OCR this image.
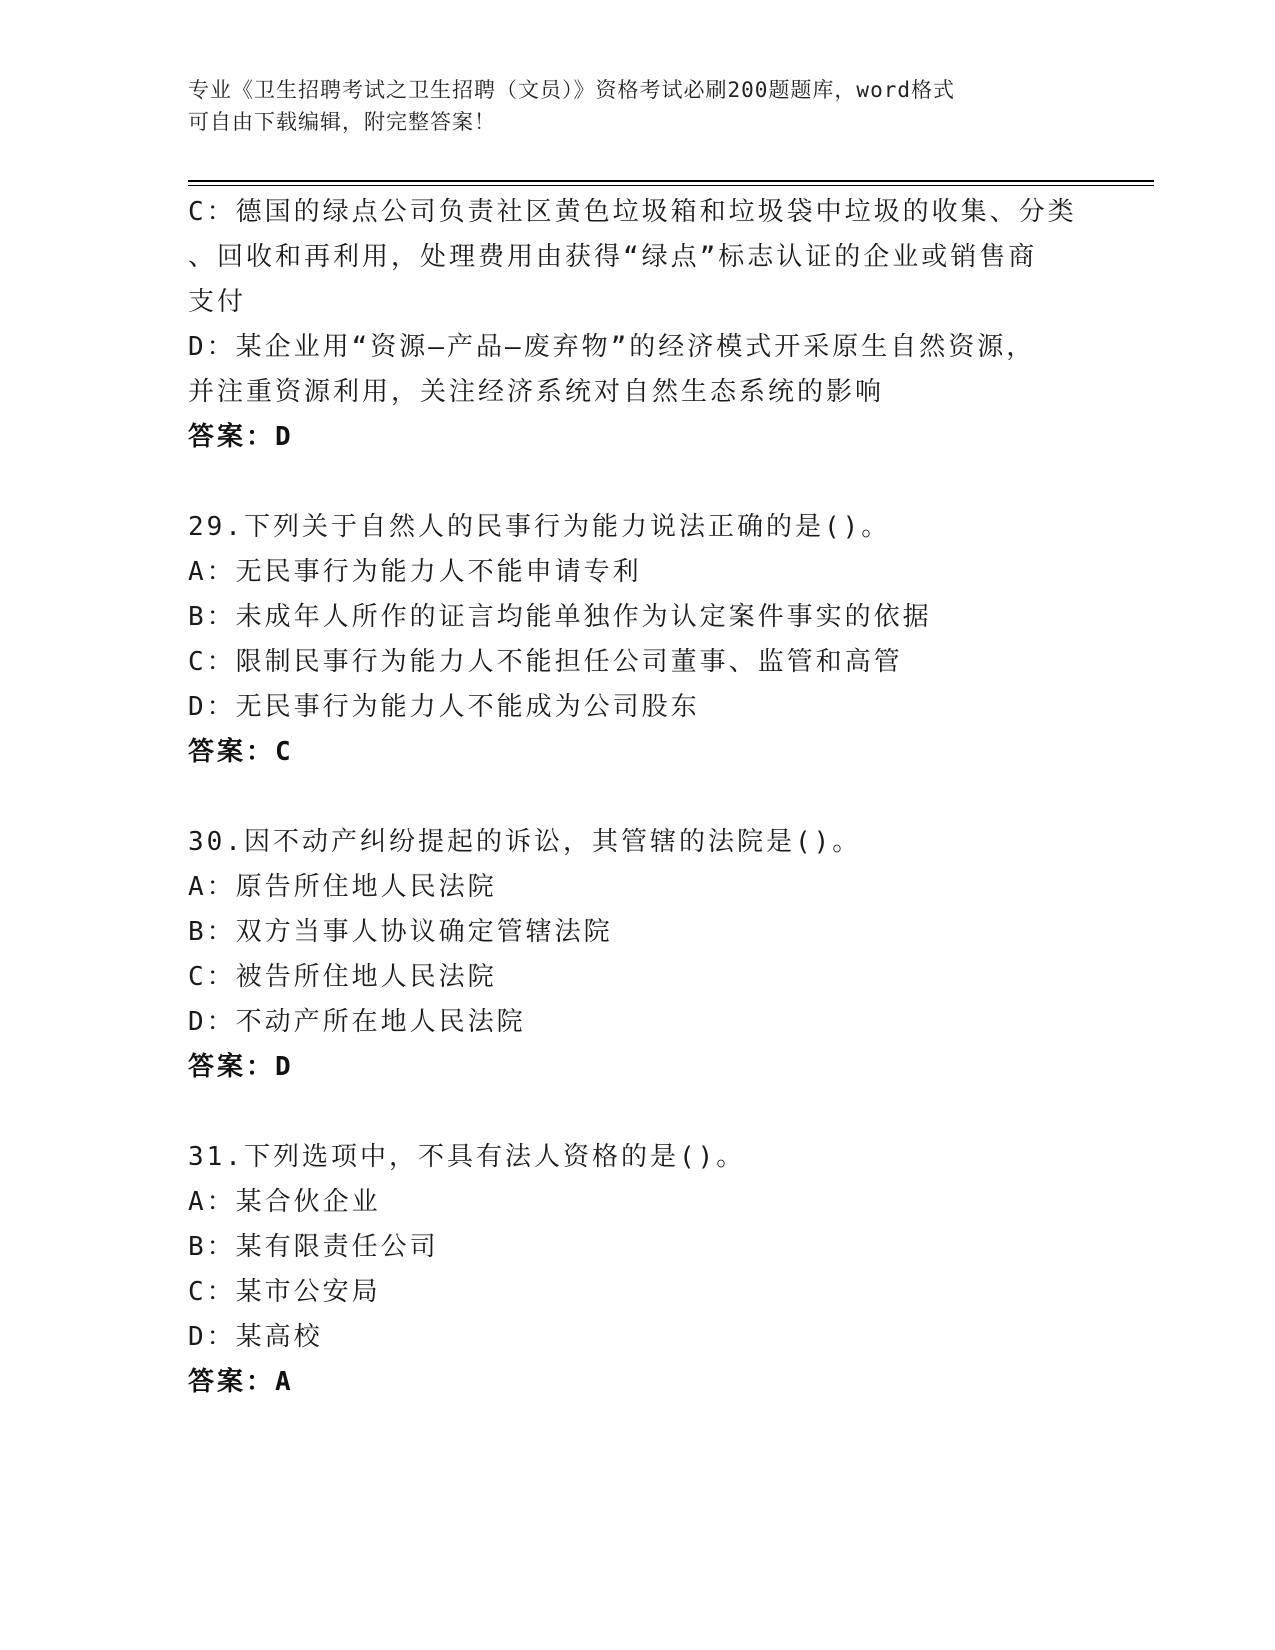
专业《卫生招聘考试之卫生招聘（文员）》资格考试必刷200题题库，word格式
可自由下载编辑，附完整答案！
C：德国的绿点公司负责社区黄色垃圾箱和垃圾袋中垃圾的收集、分类
、回收和再利用，处理费用由获得“绿点”标志认证的企业或销售商
支付
D：某企业用“资源—产品—废弃物”的经济模式开采原生自然资源，
并注重资源利用，关注经济系统对自然生态系统的影响
答案：D
29.下列关于自然人的民事行为能力说法正确的是()。
A：无民事行为能力人不能申请专利
B：未成年人所作的证言均能单独作为认定案件事实的依据
C：限制民事行为能力人不能担任公司董事、监管和高管
D：无民事行为能力人不能成为公司股东
答案：C
30.因不动产纠纷提起的诉讼，其管辖的法院是()。
A：原告所住地人民法院
B：双方当事人协议确定管辖法院
C：被告所住地人民法院
D：不动产所在地人民法院
答案：D
31.下列选项中，不具有法人资格的是()。
A：某合伙企业
B：某有限责任公司
C：某市公安局
D：某高校
答案：A
